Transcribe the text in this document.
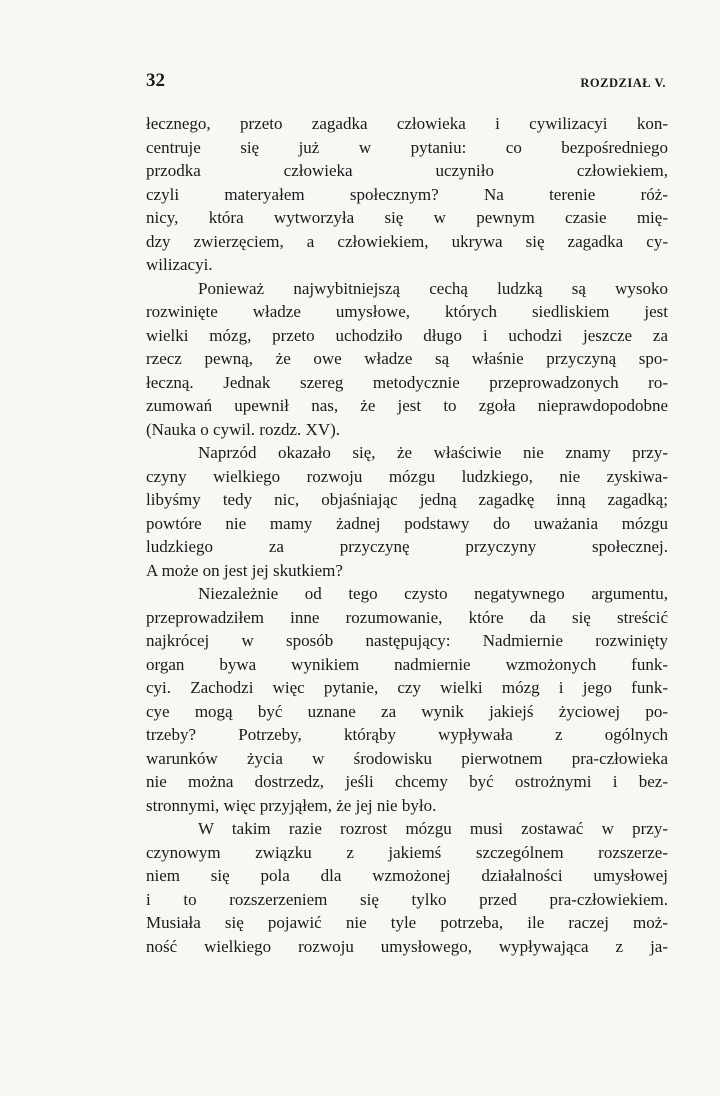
32	ROZDZIAŁ V.
łecznego, przeto zagadka człowieka i cywilizacyi kon-
centruje się już w pytaniu: co bezpośredniego
przodka człowieka uczyniło człowiekiem,
czyli materyałem społecznym? Na terenie róż-
nicy, która wytworzyła się w pewnym czasie mię-
dzy zwierzęciem, a człowiekiem, ukrywa się zagadka cy-
wilizacyi.
Ponieważ najwybitniejszą cechą ludzką są wysoko
rozwinięte władze umysłowe, których siedliskiem jest
wielki mózg, przeto uchodziło długo i uchodzi jeszcze za
rzecz pewną, że owe władze są właśnie przyczyną spo-
łeczną. Jednak szereg metodycznie przeprowadzonych ro-
zumowań upewnił nas, że jest to zgoła nieprawdopodobne
(Nauka o cywil. rozdz. XV).
Naprzód okazało się, że właściwie nie znamy przy-
czyny wielkiego rozwoju mózgu ludzkiego, nie zyskiwa-
libyśmy tedy nic, objaśniając jedną zagadkę inną zagadką;
powtóre nie mamy żadnej podstawy do uważania mózgu
ludzkiego za przyczynę przyczyny społecznej.
A może on jest jej skutkiem?
Niezależnie od tego czysto negatywnego argumentu,
przeprowadziłem inne rozumowanie, które da się streścić
najkrócej w sposób następujący: Nadmiernie rozwinięty
organ bywa wynikiem nadmiernie wzmożonych funk-
cyi. Zachodzi więc pytanie, czy wielki mózg i jego funk-
cye mogą być uznane za wynik jakiejś życiowej po-
trzeby? Potrzeby, którąby wypływała z ogólnych
warunków życia w środowisku pierwotnem pra-człowieka
nie można dostrzedz, jeśli chcemy być ostrożnymi i bez-
stronnymi, więc przyjąłem, że jej nie było.
W takim razie rozrost mózgu musi zostawać w przy-
czynowym związku z jakiemś szczególnem rozszerze-
niem się pola dla wzmożonej działalności umysłowej
i to rozszerzeniem się tylko przed pra-człowiekiem.
Musiała się pojawić nie tyle potrzeba, ile raczej moż-
ność wielkiego rozwoju umysłowego, wypływająca z ja-
